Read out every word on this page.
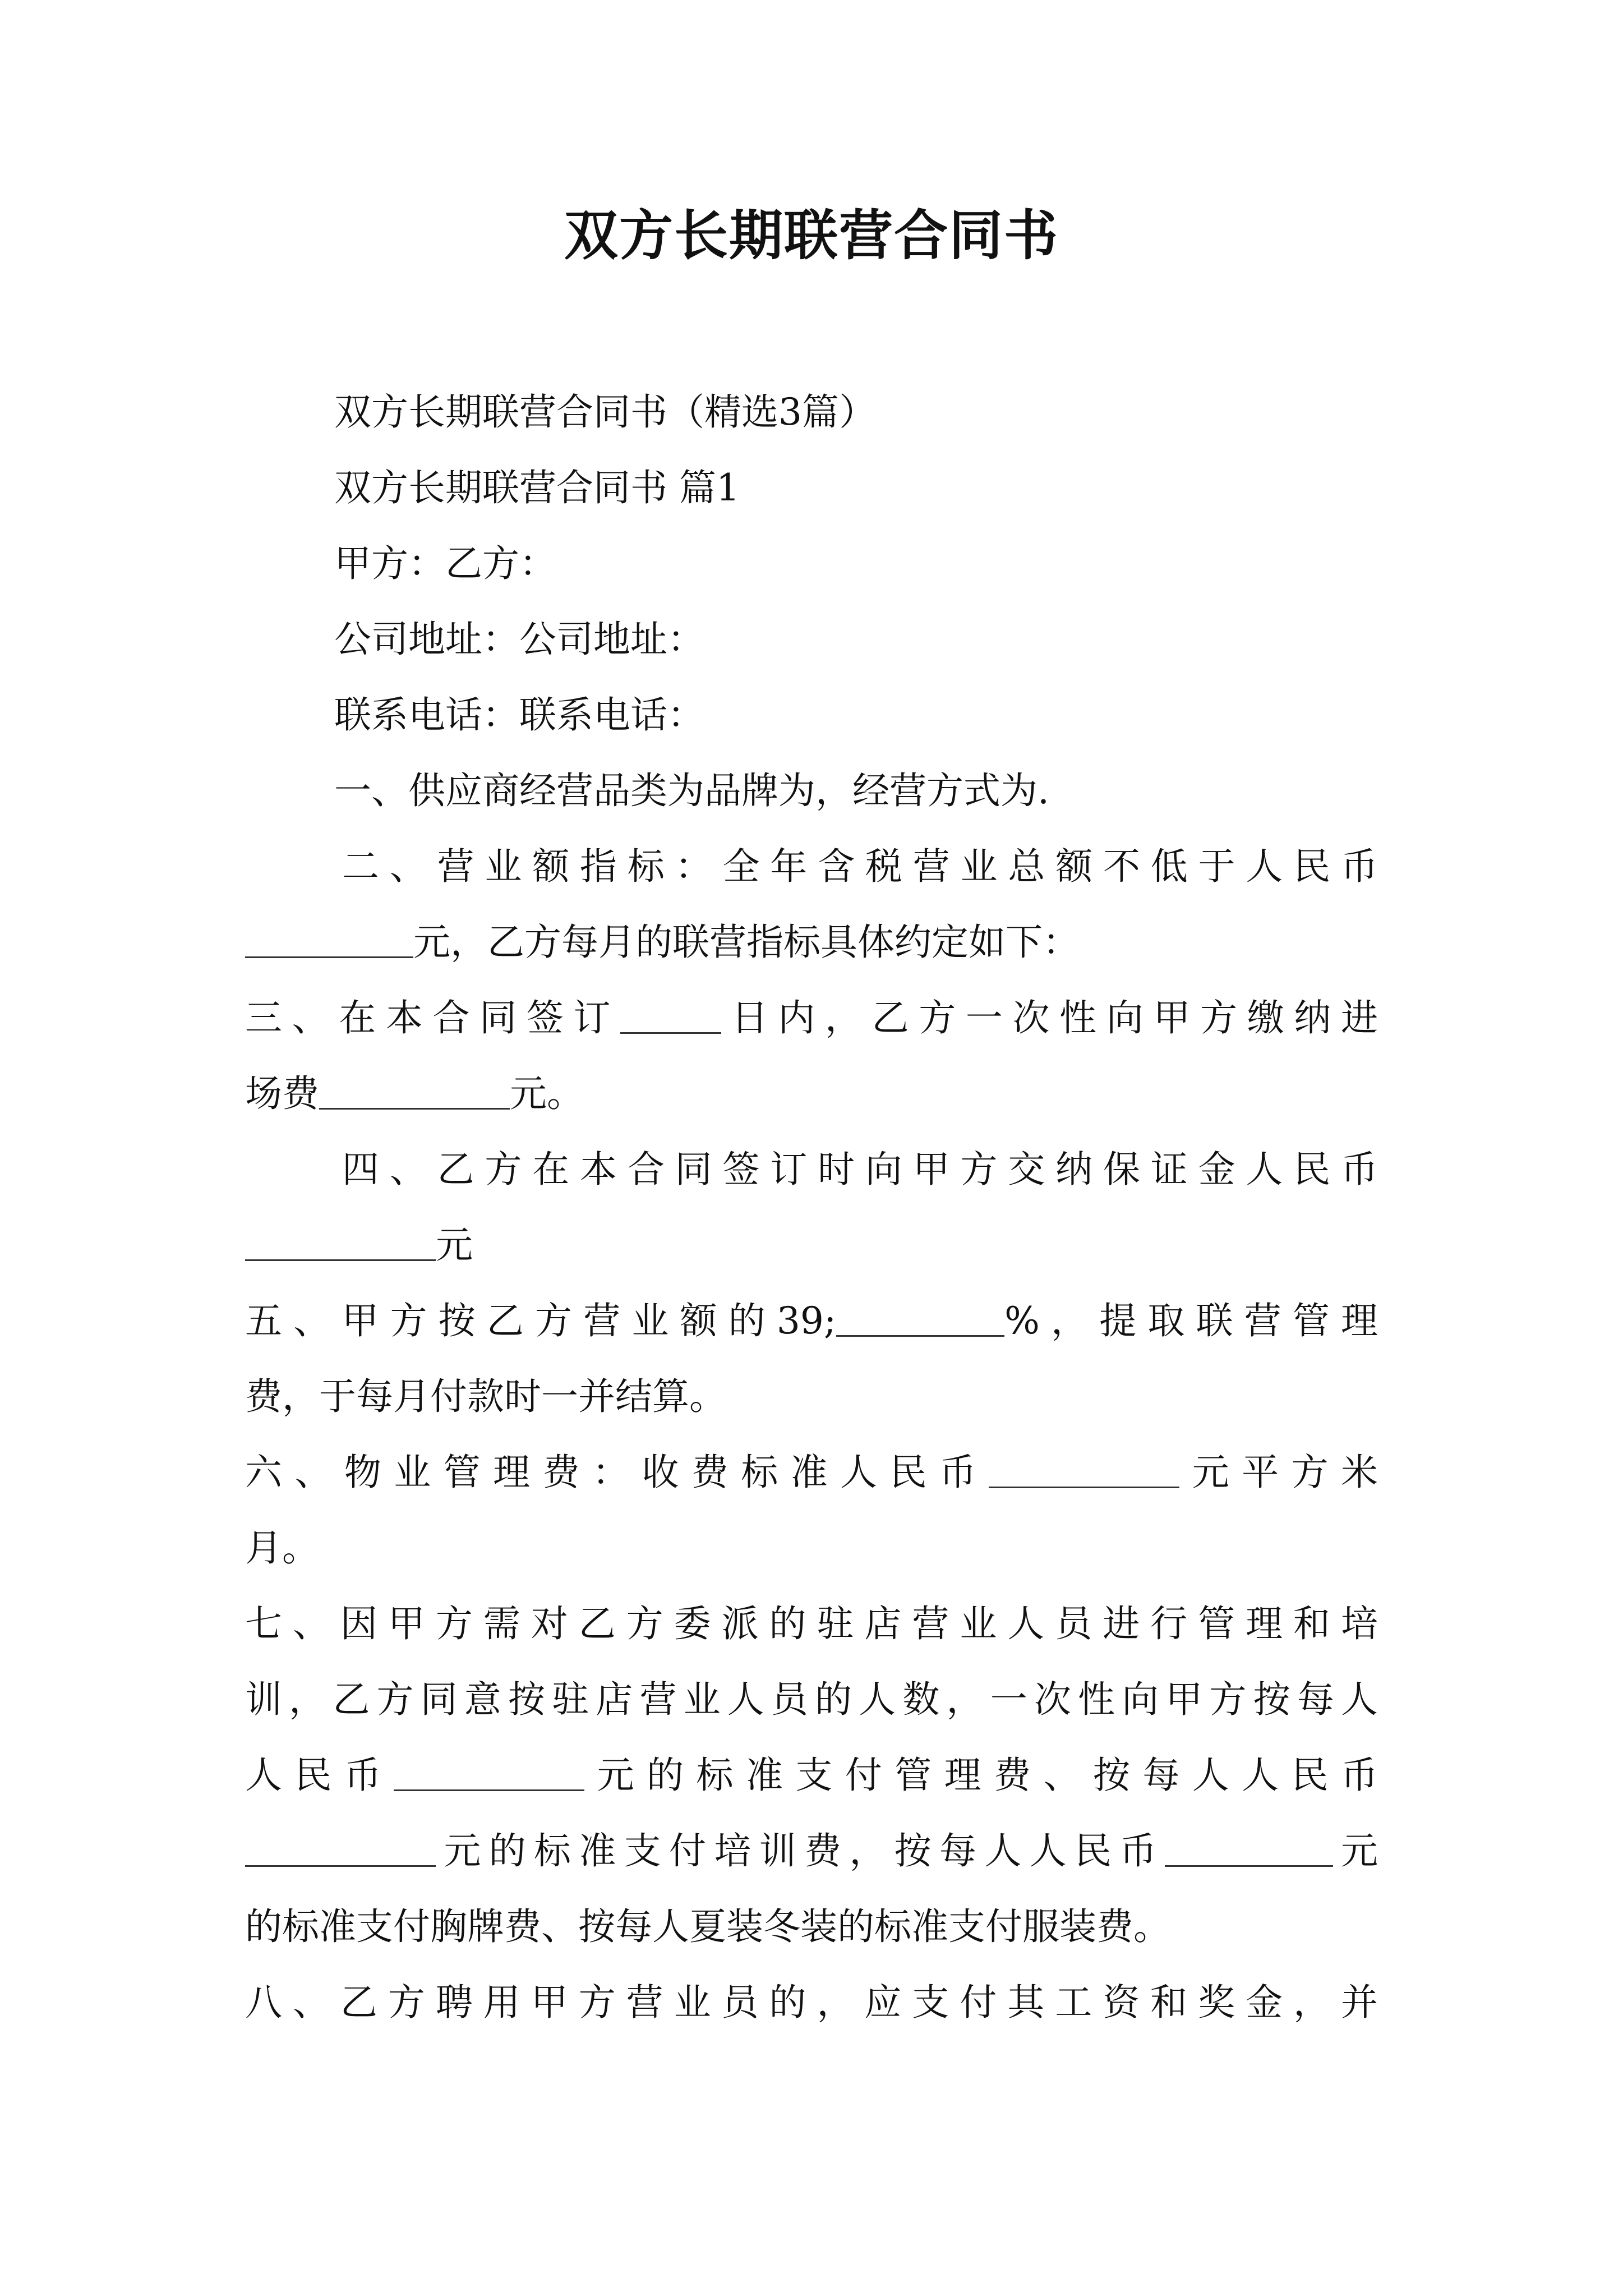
双方长期联营合同书
双方长期联营合同书（精选3篇）
双方长期联营合同书 篇1
甲方：乙方：
公司地址：公司地址：
联系电话：联系电话：
一、供应商经营品类为品牌为，经营方式为.
二、营业额指标：全年含税营业总额不低于人民币
元，乙方每月的联营指标具体约定如下：
三、在本合同签订	日内，乙方一次性向甲方缴纳进
场费	元。
四、乙方在本合同签订时向甲方交纳保证金人民币
元
五、甲方按乙方营业额的39;	%，提取联营管理
费，于每月付款时一并结算。
六、物业管理费：收费标准人民币	元平方米
月。
七、因甲方需对乙方委派的驻店营业人员进行管理和培
训，乙方同意按驻店营业人员的人数，一次性向甲方按每人
人民币	元的标准支付管理费、按每人人民币
元的标准支付培训费，按每人人民币	元
的标准支付胸牌费、按每人夏装冬装的标准支付服装费。
八、乙方聘用甲方营业员的，应支付其工资和奖金，并
